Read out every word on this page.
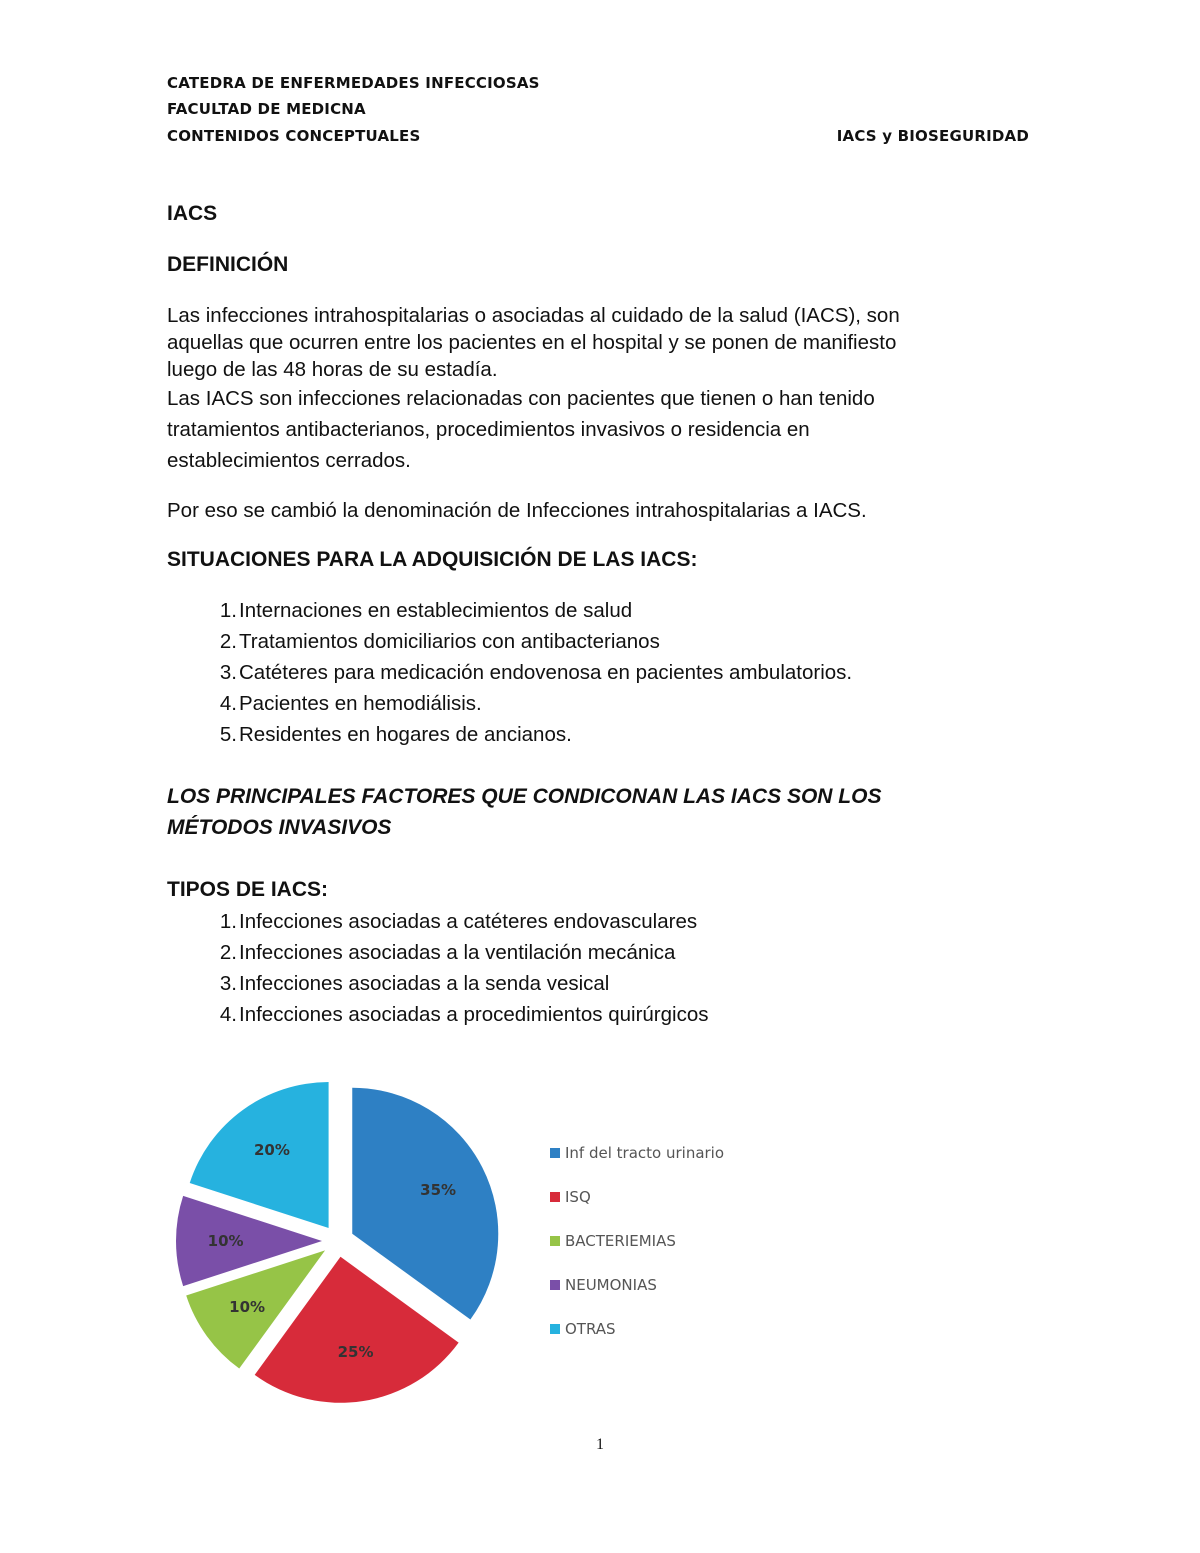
CATEDRA DE ENFERMEDADES INFECCIOSAS
FACULTAD DE MEDICNA
CONTENIDOS CONCEPTUALES	IACS y BIOSEGURIDAD
IACS
DEFINICIÓN
Las infecciones intrahospitalarias o asociadas al cuidado de la salud (IACS), son
aquellas que ocurren entre los pacientes en el hospital y se ponen de manifiesto
luego de las 48 horas de su estadía.
Las IACS son infecciones relacionadas con pacientes que tienen o han tenido
tratamientos antibacterianos, procedimientos invasivos o residencia en
establecimientos cerrados.
Por eso se cambió la denominación de Infecciones intrahospitalarias a IACS.
SITUACIONES PARA LA ADQUISICIÓN DE LAS IACS:
1.Internaciones en establecimientos de salud
2.Tratamientos domiciliarios con antibacterianos
3.Catéteres para medicación endovenosa en pacientes ambulatorios.
4.Pacientes en hemodiálisis.
5.Residentes en hogares de ancianos.
LOS PRINCIPALES FACTORES QUE CONDICONAN LAS IACS SON LOS
MÉTODOS INVASIVOS
TIPOS DE IACS:
1.Infecciones asociadas a catéteres endovasculares
2.Infecciones asociadas a la ventilación mecánica
3.Infecciones asociadas a la senda vesical
4.Infecciones asociadas a procedimientos quirúrgicos
35%
25%
10%
10%
20%	Inf del tracto urinario
ISQ
BACTERIEMIAS
NEUMONIAS
OTRAS
1
